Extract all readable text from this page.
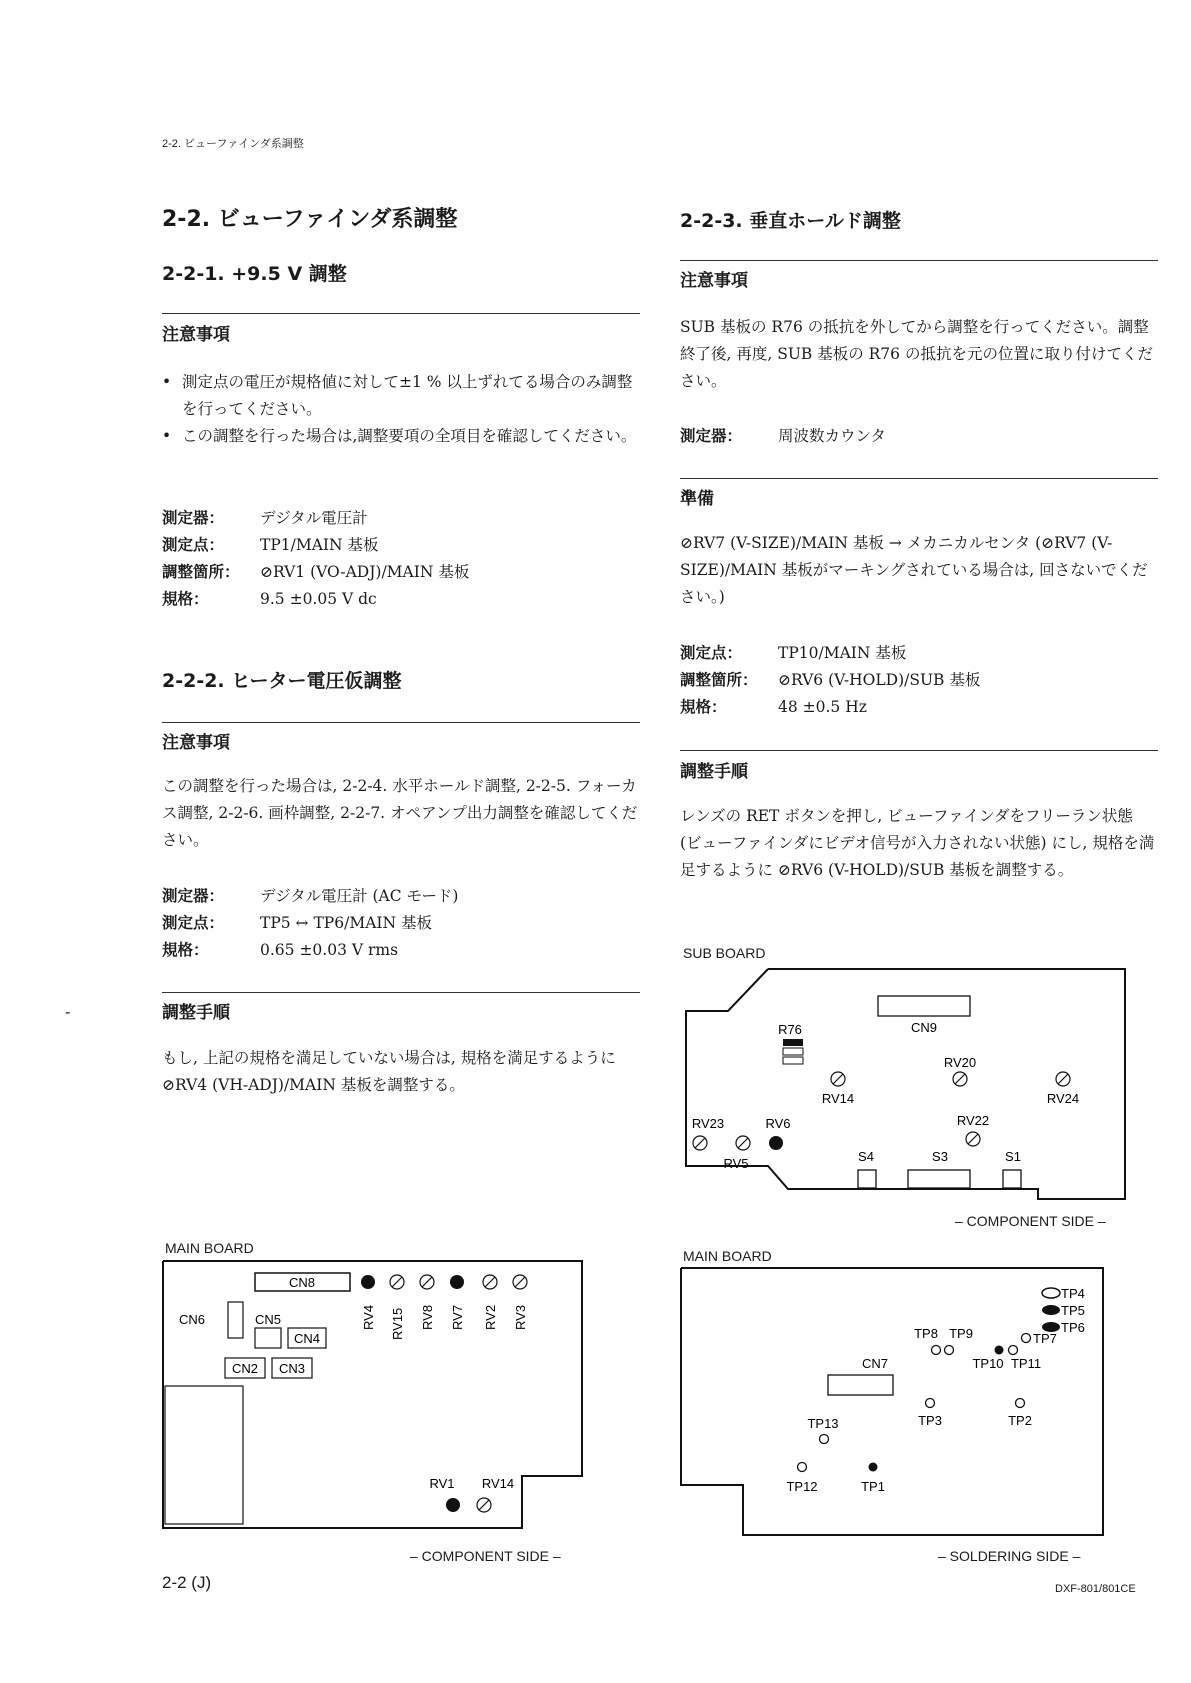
2-2. ビューファインダ系調整
2-2. ビューファインダ系調整
2-2-1. +9.5 V 調整
注意事項
• 測定点の電圧が規格値に対して±1 % 以上ずれてる場合のみ調整を行ってください。
• この調整を行った場合は,調整要項の全項目を確認してください。
測定器：	デジタル電圧計
測定点：	TP1/MAIN 基板
調整箇所：	⊘RV1 (VO-ADJ)/MAIN 基板
規格：	9.5 ±0.05 V dc
2-2-2. ヒーター電圧仮調整
注意事項
この調整を行った場合は, 2-2-4. 水平ホールド調整, 2-2-5. フォーカス調整, 2-2-6. 画枠調整, 2-2-7. オペアンプ出力調整を確認してください。
測定器：	デジタル電圧計 (AC モード)
測定点：	TP5 ↔ TP6/MAIN 基板
規格：	0.65 ±0.03 V rms
調整手順
もし, 上記の規格を満足していない場合は, 規格を満足するように ⊘RV4 (VH-ADJ)/MAIN 基板を調整する。
-
MAIN BOARD
CN8
CN6	CN5
CN4
CN2 CN3
RV4 RV15 RV8 RV7 RV2 RV3
RV1 RV14
– COMPONENT SIDE –
2-2-3. 垂直ホールド調整
注意事項
SUB 基板の R76 の抵抗を外してから調整を行ってください。調整終了後, 再度, SUB 基板の R76 の抵抗を元の位置に取り付けてください。
測定器：	周波数カウンタ
準備
⊘RV7 (V-SIZE)/MAIN 基板 → メカニカルセンタ (⊘RV7 (V-SIZE)/MAIN 基板がマーキングされている場合は, 回さないでください。)
測定点：	TP10/MAIN 基板
調整箇所：	⊘RV6 (V-HOLD)/SUB 基板
規格：	48 ±0.5 Hz
調整手順
レンズの RET ボタンを押し, ビューファインダをフリーラン状態 (ビューファインダにビデオ信号が入力されない状態) にし, 規格を満足するように ⊘RV6 (V-HOLD)/SUB 基板を調整する。
SUB BOARD
R76	CN9
RV20
RV14	RV24
RV23	RV6	RV22
RV5	S4	S3	S1
– COMPONENT SIDE –
MAIN BOARD
TP4
TP5
TP6
TP8 TP9	TP7
CN7	TP10 TP11
TP3	TP2
TP13
TP12	TP1
– SOLDERING SIDE –
2-2 (J)	DXF-801/801CE
